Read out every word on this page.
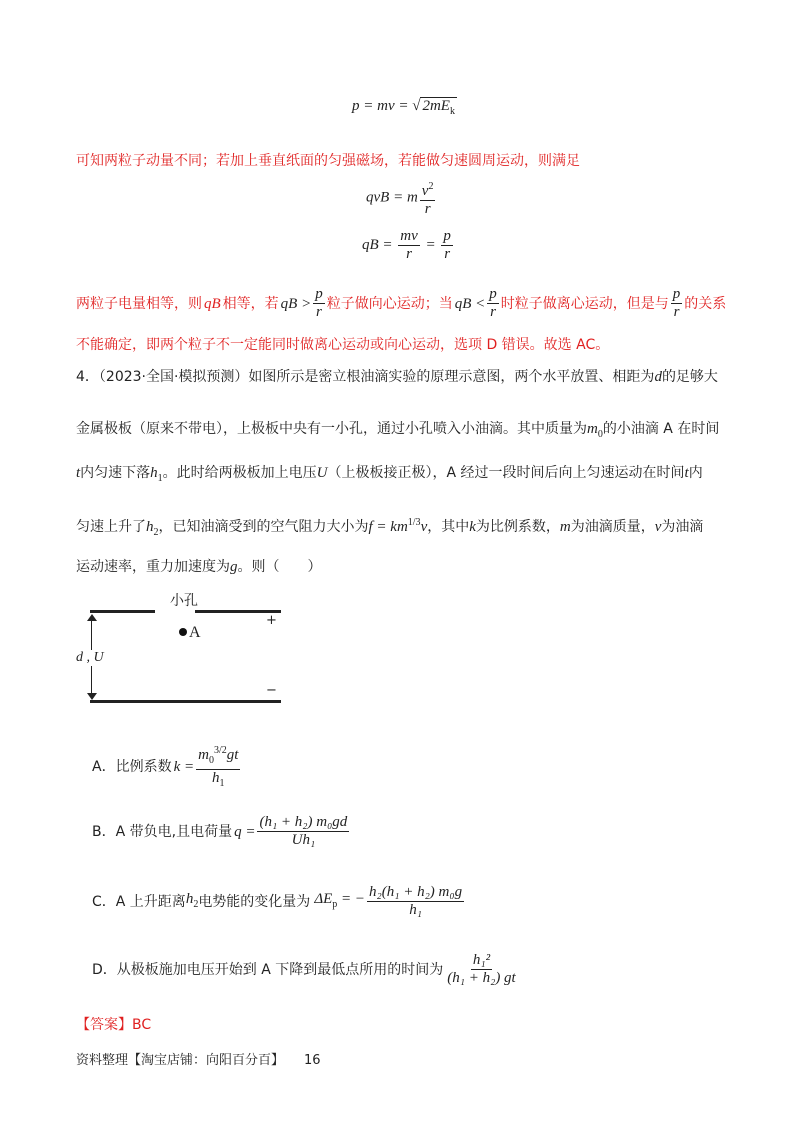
p = mv = √ $2mE_k$
可知两粒子动量不同；若加上垂直纸面的匀强磁场，若能做匀速圆周运动，则满足
qvB = m $\frac{v^2}{r}$
qB = $\frac{mv}{r} = \frac{p}{r}$
两粒子电量相等，则 qB 相等，若 qB > $\frac{p}{r}$ 粒子做向心运动；当 qB < $\frac{p}{r}$ 时粒子做离心运动，但是与 $\frac{p}{r}$ 的关系
不能确定，即两个粒子不一定能同时做离心运动或向心运动，选项 D 错误。故选 AC。
4．（2023·全国·模拟预测）如图所示是密立根油滴实验的原理示意图，两个水平放置、相距为d的足够大
金属极板（原来不带电），上极板中央有一小孔，通过小孔喷入小油滴。其中质量为$m_0$的小油滴 A 在时间
t内匀速下落$h_1$。此时给两极板加上电压U（上极板接正极），A 经过一段时间后向上匀速运动在时间t内
匀速上升了$h_2$，已知油滴受到的空气阻力大小为$f = km^{1/3}v$，其中k为比例系数，m为油滴质量，v为油滴
运动速率，重力加速度为g。则（　　）
小孔
A
+
−
d , U
A．比例系数 $k = \frac{m_0^{3/2}gt}{h_1}$
B．A 带负电,且电荷量 $q = \frac{\text{(h₁ + h₂) m₀gd}}{\text{Uh₁}}$
C．A 上升距离 $h_2$ 电势能的变化量为 $\Delta E_p$ = − $\frac{\text{h₂(h₁ + h₂) m₀g}}{\text{h₁}}$
D．从极板施加电压开始到 A 下降到最低点所用的时间为 $\frac{\text{h₁²}}{\text{(h₁ + h₂) gt}}$
【答案】BC
资料整理【淘宝店铺：向阳百分百】 16
